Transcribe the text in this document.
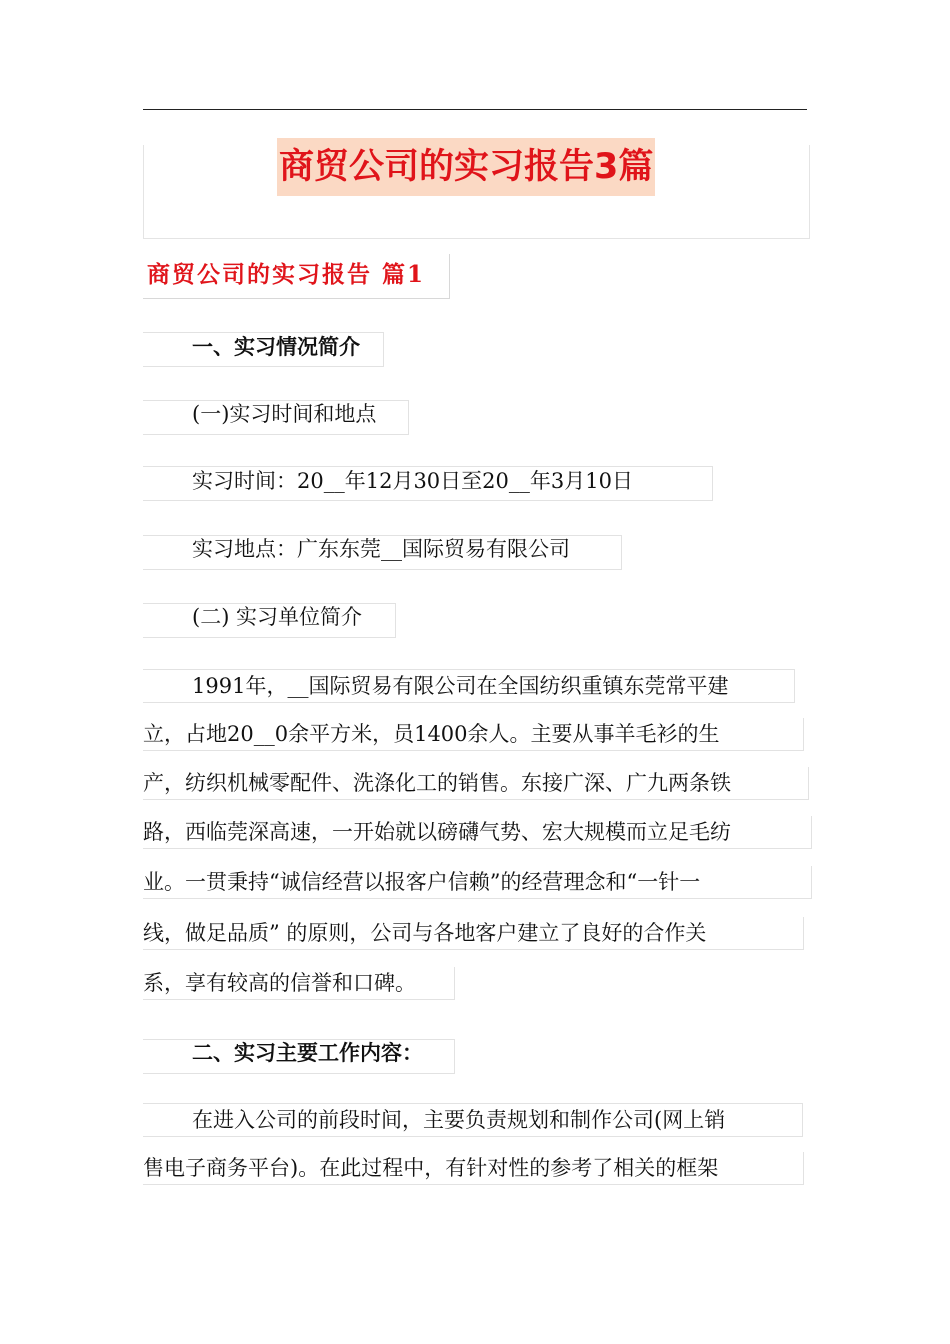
商贸公司的实习报告3篇
商贸公司的实习报告 篇1
一、实习情况简介
(一)实习时间和地点
实习时间：20__年12月30日至20__年3月10日
实习地点：广东东莞__国际贸易有限公司
(二) 实习单位简介
1991年，__国际贸易有限公司在全国纺织重镇东莞常平建
立，占地20__0余平方米，员1400余人。主要从事羊毛衫的生
产，纺织机械零配件、洗涤化工的销售。东接广深、广九两条铁
路，西临莞深高速，一开始就以磅礴气势、宏大规模而立足毛纺
业。一贯秉持“诚信经营以报客户信赖”的经营理念和“一针一
线，做足品质” 的原则，公司与各地客户建立了良好的合作关
系，享有较高的信誉和口碑。
二、实习主要工作内容：
在进入公司的前段时间，主要负责规划和制作公司(网上销
售电子商务平台)。在此过程中，有针对性的参考了相关的框架
